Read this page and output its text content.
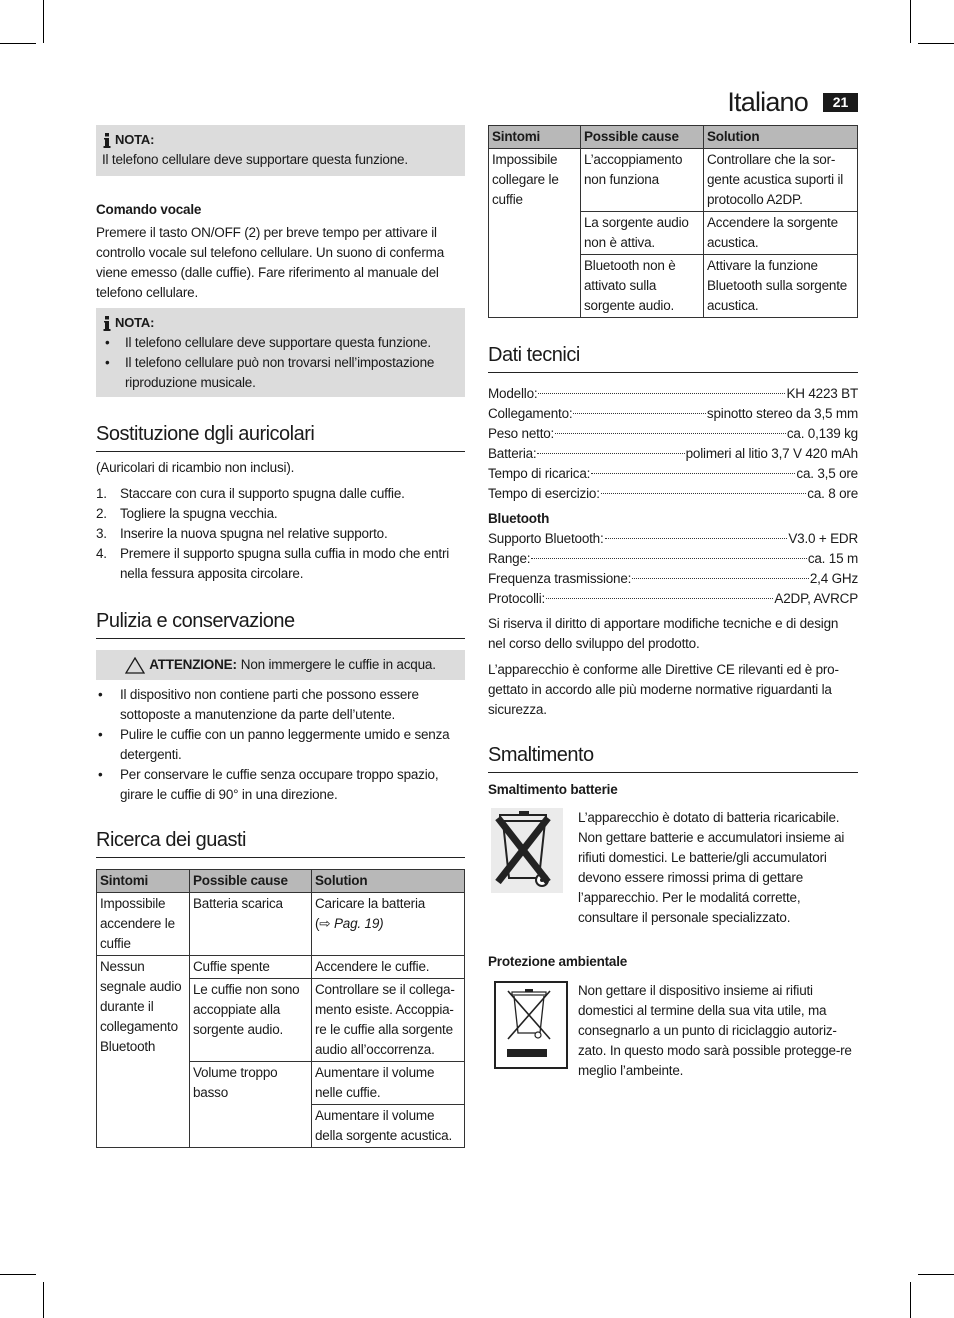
Italiano	21
NOTA:
Il telefono cellulare deve supportare questa funzione.
Comando vocale

Premere il tasto ON/OFF (2) per breve tempo per attivare il controllo vocale sul telefono cellulare. Un suono di conferma viene emesso (dalle cuffie). Fare riferimento al manuale del telefono cellulare.

NOTA:
• Il telefono cellulare deve supportare questa funzione.
• Il telefono cellulare può non trovarsi nell’impostazione riproduzione musicale.
Sostituzione dgli auricolari

(Auricolari di ricambio non inclusi).

1. Staccare con cura il supporto spugna dalle cuffie.
2. Togliere la spugna vecchia.
3. Inserire la nuova spugna nel relative supporto.
4. Premere il supporto spugna sulla cuffia in modo che entri nella fessura apposita circolare.
Pulizia e conservazione
ATTENZIONE: Non immergere le cuffie in acqua.
• Il dispositivo non contiene parti che possono essere sottoposte a manutenzione da parte dell’utente.
• Pulire le cuffie con un panno leggermente umido e senza detergenti.
• Per conservare le cuffie senza occupare troppo spazio, girare le cuffie di 90° in una direzione.
Ricerca dei guasti
Sintomi	Possible cause	Solution
Impossibile accendere le cuffie	Batteria scarica	Caricare la batteria
(⇨ Pag. 19)
Nessun segnale audio durante il collegamento Bluetooth	Cuffie spente	Accendere le cuffie.
	Le cuffie non sono accoppiate alla sorgente audio.	Controllare se il collega-mento esiste. Accoppia-re le cuffie alla sorgente audio all’occorrenza.
	Volume troppo basso	Aumentare il volume nelle cuffie.
		Aumentare il volume della sorgente acustica.
Sintomi	Possible cause	Solution
Impossibile collegare le cuffie	L’accoppiamento non funziona	Controllare che la sor-gente acustica suporti il protocollo A2DP.
	La sorgente audio non è attiva.	Accendere la sorgente acustica.
	Bluetooth non è attivato sulla sorgente audio.	Attivare la funzione Bluetooth sulla sorgente acustica.
Dati tecnici
Modello:	KH 4223 BT
Collegamento:	spinotto stereo da 3,5 mm
Peso netto:	ca. 0,139 kg
Batteria:	polimeri al litio 3,7 V 420 mAh
Tempo di ricarica:	ca. 3,5 ore
Tempo di esercizio:	ca. 8 ore
Bluetooth
Supporto Bluetooth:	V3.0 + EDR
Range:	ca. 15 m
Frequenza trasmissione:	2,4 GHz
Protocolli:	A2DP, AVRCP

Si riserva il diritto di apportare modifiche tecniche e di design nel corso dello sviluppo del prodotto.

L’apparecchio è conforme alle Direttive CE rilevanti ed è pro-gettato in accordo alle più moderne normative riguardanti la sicurezza.

Smaltimento
Smaltimento batterie

L’apparecchio è dotato di batteria ricaricabile. Non gettare batterie e accumulatori insieme ai rifiuti domestici. Le batterie/gli accumulatori devono essere rimossi prima di gettare l’apparecchio. Per le modalitá corrette, consultare il personale specializzato.

Protezione ambientale

Non gettare il dispositivo insieme ai rifiuti domestici al termine della sua vita utile, ma consegnarlo a un punto di riciclaggio autoriz-zato. In questo modo sarà possible protegge-re meglio l’ambeinte.
